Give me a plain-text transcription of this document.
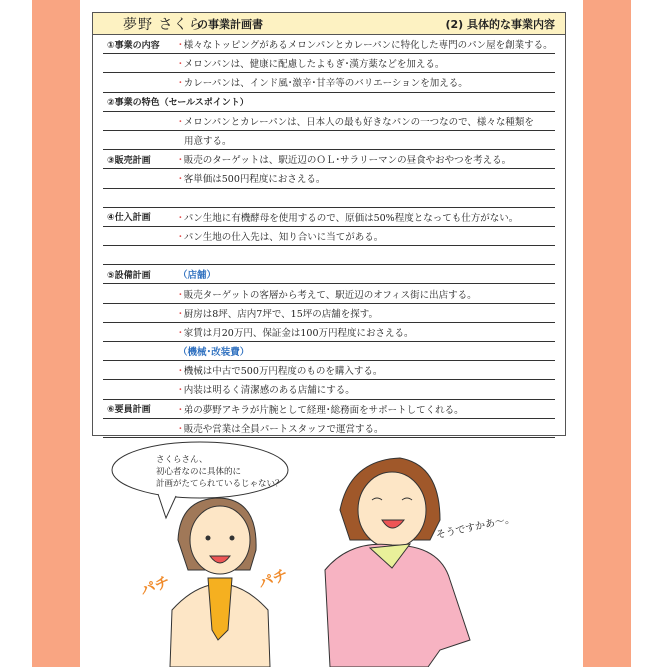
夢野 さくら
の事業計画書	(2) 具体的な事業内容
①事業の内容	･様々なトッピングがあるメロンパンとカレーパンに特化した専門のパン屋を創業する。
･メロンパンは、健康に配慮したよもぎ･漢方薬などを加える。
･カレーパンは、インド風･激辛･甘辛等のバリエーションを加える。
②事業の特色（セールスポイント）
･メロンパンとカレーパンは、日本人の最も好きなパンの一つなので、様々な種類を
用意する。
③販売計画	･販売のターゲットは、駅近辺のＯＬ･サラリーマンの昼食やおやつを考える。
･客単価は500円程度におさえる。
④仕入計画	･パン生地に有機酵母を使用するので、原価は50%程度となっても仕方がない。
･パン生地の仕入先は、知り合いに当てがある。
⑤設備計画	（店舗）
･販売ターゲットの客層から考えて、駅近辺のオフィス街に出店する。
･厨房は8坪、店内7坪で、15坪の店舗を探す。
･家賃は月20万円、保証金は100万円程度におさえる。
（機械･改装費）
･機械は中古で500万円程度のものを購入する。
･内装は明るく清潔感のある店舗にする。
⑥要員計画	･弟の夢野アキラが片腕として経理･総務面をサポートしてくれる。
･販売や営業は全員パートスタッフで運営する。
さくらさん、
初心者なのに具体的に
計画がたてられているじゃない？
そうですかあ〜。
パチ	パチ
